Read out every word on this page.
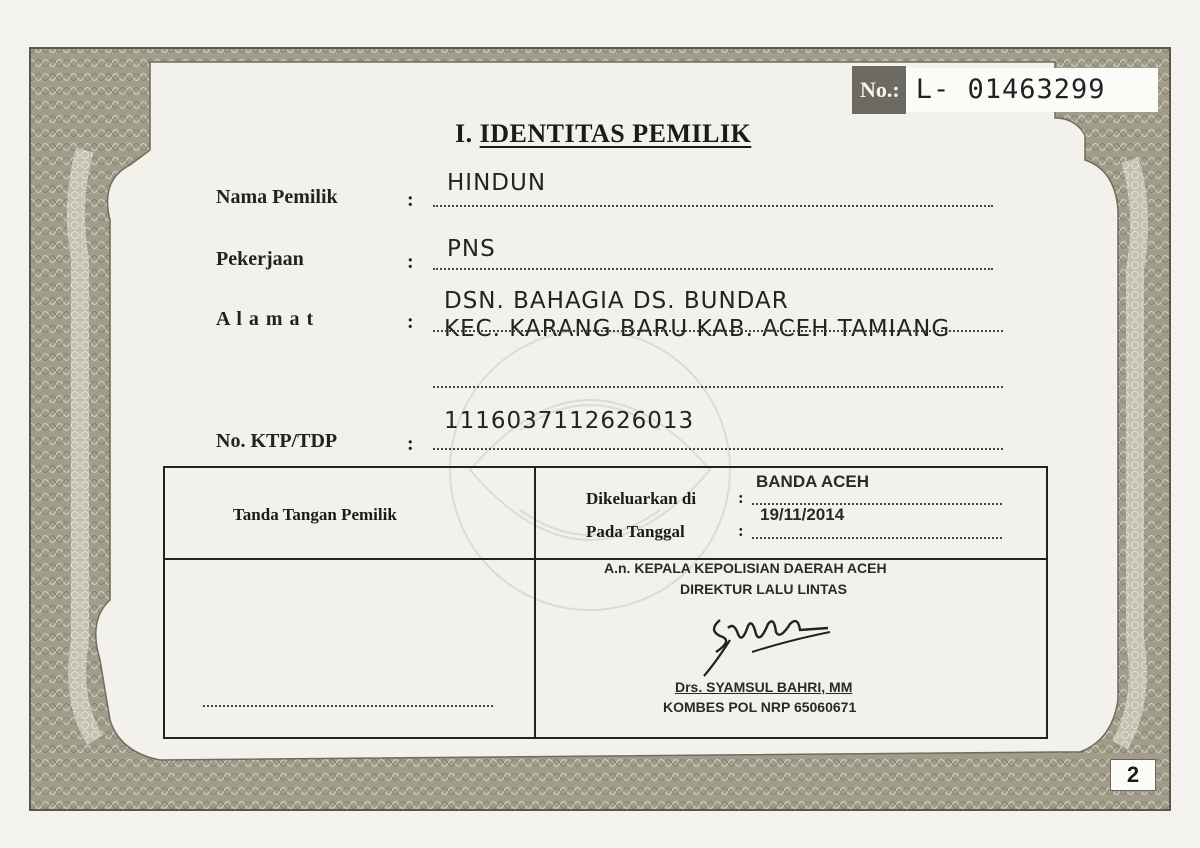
No.: L- 01463299
I. IDENTITAS PEMILIK
Nama Pemilik	:
HINDUN
Pekerjaan	: PNS
A l a m a t	:
DSN. BAHAGIA DS. BUNDAR
KEC. KARANG BARU KAB. ACEH TAMIANG
No. KTP/TDP	:
1116037112626013
Tanda Tangan Pemilik
Dikeluarkan di :
BANDA ACEH
Pada Tanggal	:
19/11/2014
A.n. KEPALA KEPOLISIAN DAERAH ACEH
DIREKTUR LALU LINTAS
Drs. SYAMSUL BAHRI, MM
KOMBES POL NRP 65060671
2
